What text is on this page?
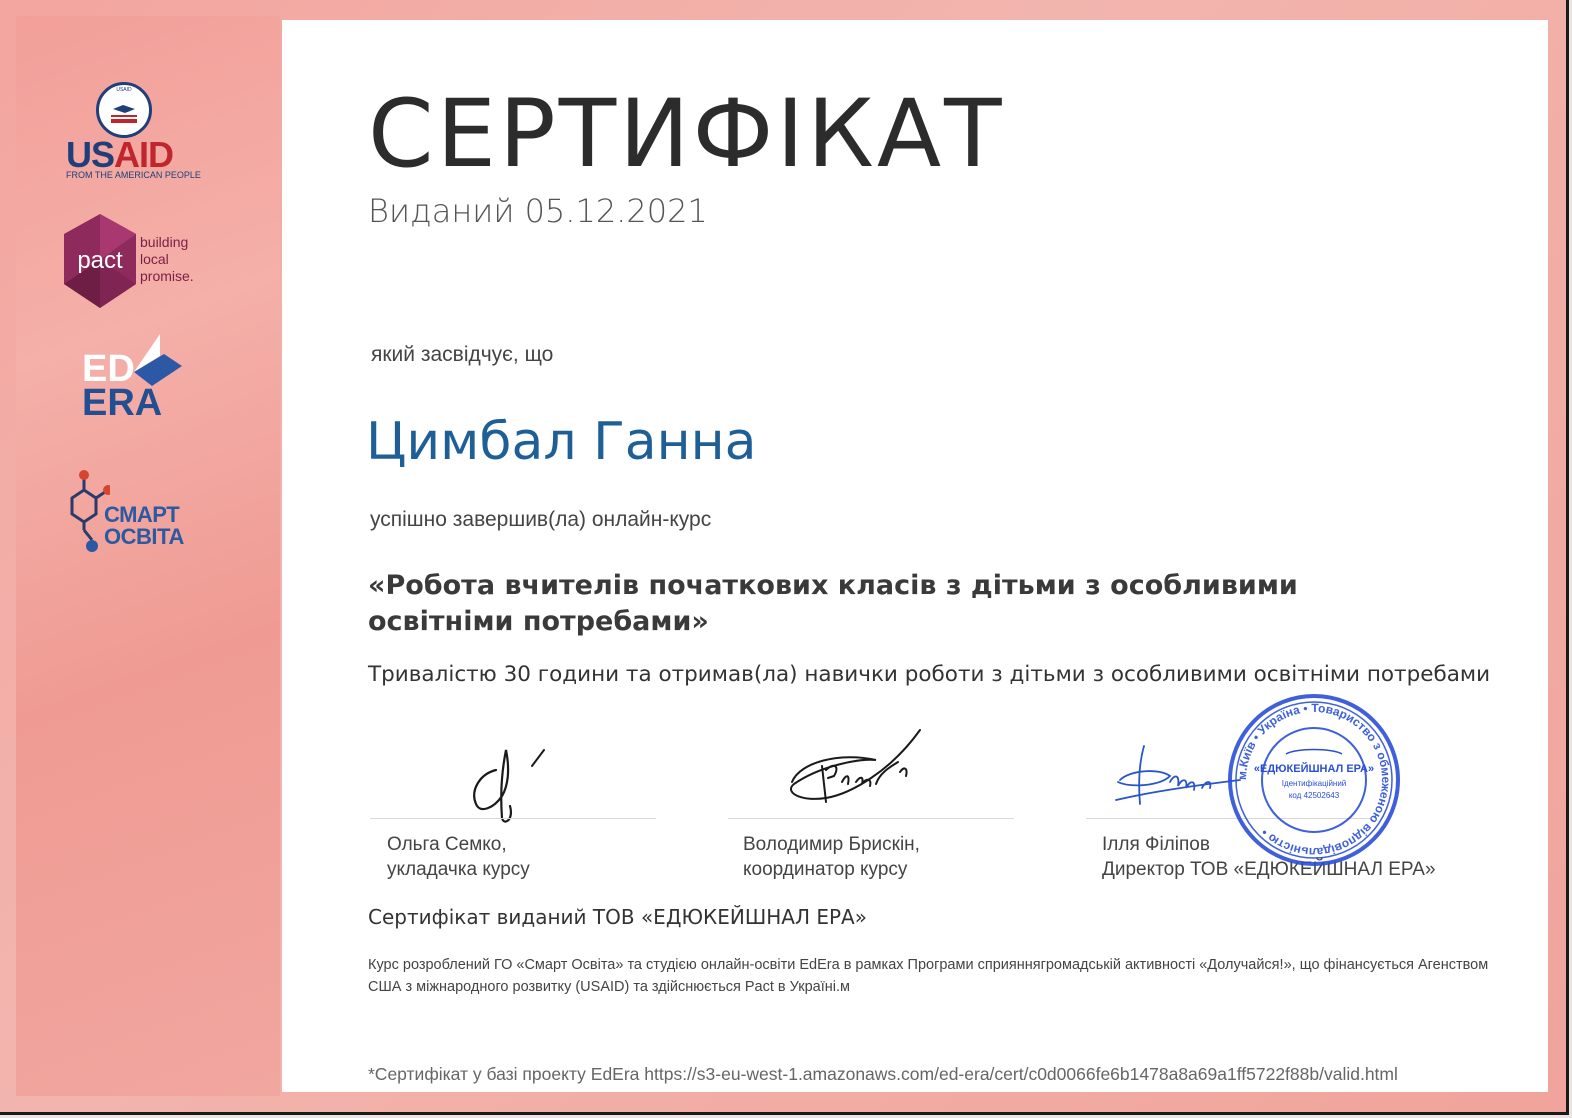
USAID
USAID
FROM THE AMERICAN PEOPLE
pact
building
local
promise.
ED
ERA
СМАРТ
ОСВІТА
СЕРТИФІКАТ
Виданий 05.12.2021
який засвідчує, що
Цимбал Ганна
успішно завершив(ла) онлайн-курс
«Робота вчителів початкових класів з дітьми з особливими освітніми потребами»
Тривалістю 30 години та отримав(ла) навички роботи з дітьми з особливими освітніми потребами
Ольга Семко,
укладачка курсу
Володимир Брискін,
координатор курсу
Ілля Філіпов
Директор ТОВ «ЕДЮКЕЙШНАЛ ЕРА»
м.Київ • Україна • Товариство з обмеженою відповідальністю •
«ЕДЮКЕЙШНАЛ ЕРА»
Ідентифікаційний
код 42502643
Сертифікат виданий ТОВ «ЕДЮКЕЙШНАЛ ЕРА»
Курс розроблений ГО «Смарт Освіта» та студією онлайн-освіти EdEra в рамках Програми сприяннягромадській активності «Долучайся!», що фінансується Агенством США з міжнародного розвитку (USAID) та здійснюється Pact в Україні.м
*Сертифікат у базі проекту EdEra https://s3-eu-west-1.amazonaws.com/ed-era/cert/c0d0066fe6b1478a8a69a1ff5722f88b/valid.html
